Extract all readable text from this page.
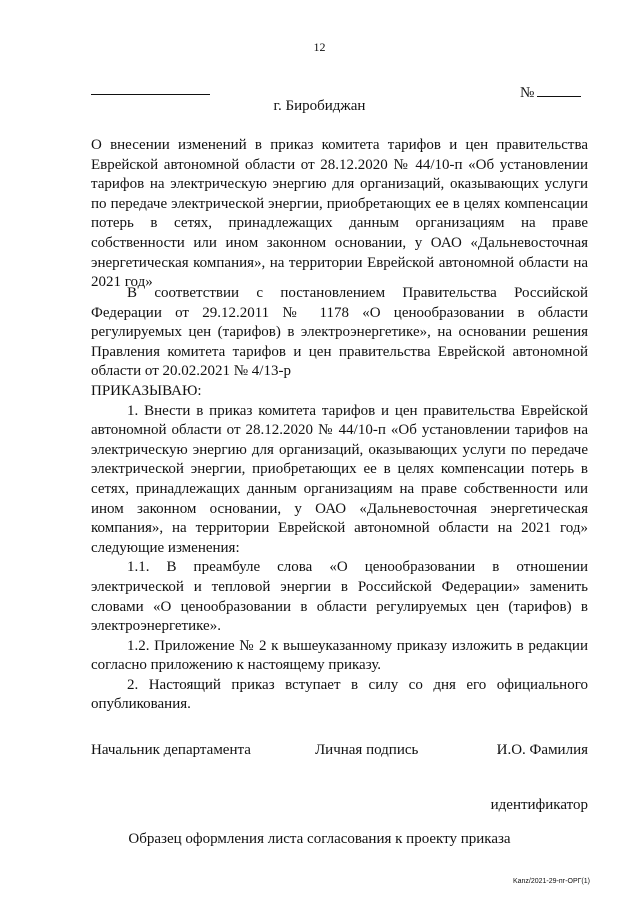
12
№
г. Биробиджан
О внесении изменений в приказ комитета тарифов и цен правительства Еврейской автономной области от 28.12.2020 № 44/10-п «Об установлении тарифов на электрическую энергию для организаций, оказывающих услуги по передаче электрической энергии, приобретающих ее в целях компенсации потерь в сетях, принадлежащих данным организациям на праве собственности или ином законном основании, у ОАО «Дальневосточная энергетическая компания», на территории Еврейской автономной области на 2021 год»

В соответствии с постановлением Правительства Российской Федерации от 29.12.2011 № 1178 «О ценообразовании в области регулируемых цен (тарифов) в электроэнергетике», на основании решения Правления комитета тарифов и цен правительства Еврейской автономной области от 20.02.2021 № 4/13-р

ПРИКАЗЫВАЮ:

1. Внести в приказ комитета тарифов и цен правительства Еврейской автономной области от 28.12.2020 № 44/10-п «Об установлении тарифов на электрическую энергию для организаций, оказывающих услуги по передаче электрической энергии, приобретающих ее в целях компенсации потерь в сетях, принадлежащих данным организациям на праве собственности или ином законном основании, у ОАО «Дальневосточная энергетическая компания», на территории Еврейской автономной области на 2021 год» следующие изменения:

1.1. В преамбуле слова «О ценообразовании в отношении электрической и тепловой энергии в Российской Федерации» заменить словами «О ценообразовании в области регулируемых цен (тарифов) в электроэнергетике».

1.2. Приложение № 2 к вышеуказанному приказу изложить в редакции согласно приложению к настоящему приказу.

2. Настоящий приказ вступает в силу со дня его официального опубликования.

Начальник департамента	Личная подпись	И.О. Фамилия
идентификатор
Образец оформления листа согласования к проекту приказа
Kanz/2021-29-пг-ОРГ(1)
